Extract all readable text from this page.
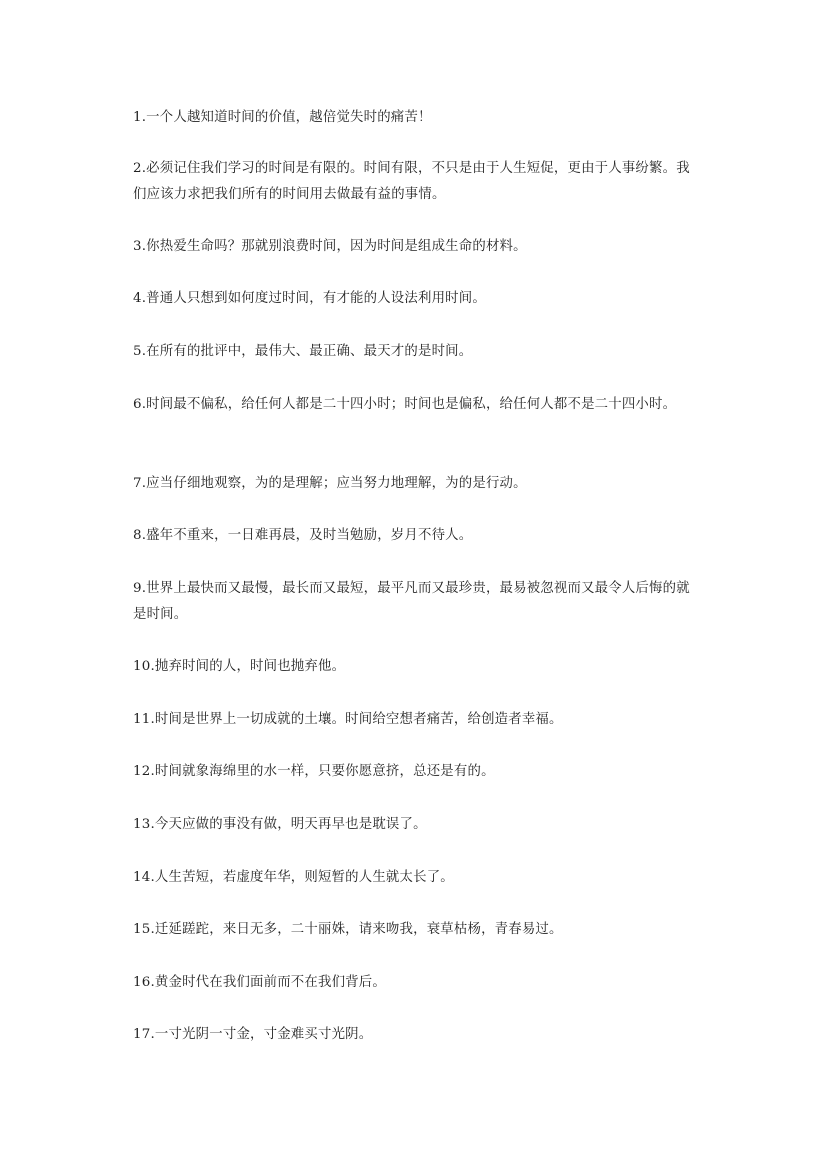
1.一个人越知道时间的价值，越倍觉失时的痛苦！

2.必须记住我们学习的时间是有限的。时间有限，不只是由于人生短促，更由于人事纷繁。我们应该力求把我们所有的时间用去做最有益的事情。

3.你热爱生命吗？那就别浪费时间，因为时间是组成生命的材料。

4.普通人只想到如何度过时间，有才能的人设法利用时间。

5.在所有的批评中，最伟大、最正确、最天才的是时间。

6.时间最不偏私，给任何人都是二十四小时；时间也是偏私，给任何人都不是二十四小时。

7.应当仔细地观察，为的是理解；应当努力地理解，为的是行动。

8.盛年不重来，一日难再晨，及时当勉励，岁月不待人。

9.世界上最快而又最慢，最长而又最短，最平凡而又最珍贵，最易被忽视而又最令人后悔的就是时间。

10.抛弃时间的人，时间也抛弃他。

11.时间是世界上一切成就的土壤。时间给空想者痛苦，给创造者幸福。

12.时间就象海绵里的水一样，只要你愿意挤，总还是有的。

13.今天应做的事没有做，明天再早也是耽误了。

14.人生苦短，若虚度年华，则短暂的人生就太长了。

15.迁延蹉跎，来日无多，二十丽姝，请来吻我，衰草枯杨，青春易过。

16.黄金时代在我们面前而不在我们背后。

17.一寸光阴一寸金，寸金难买寸光阴。
